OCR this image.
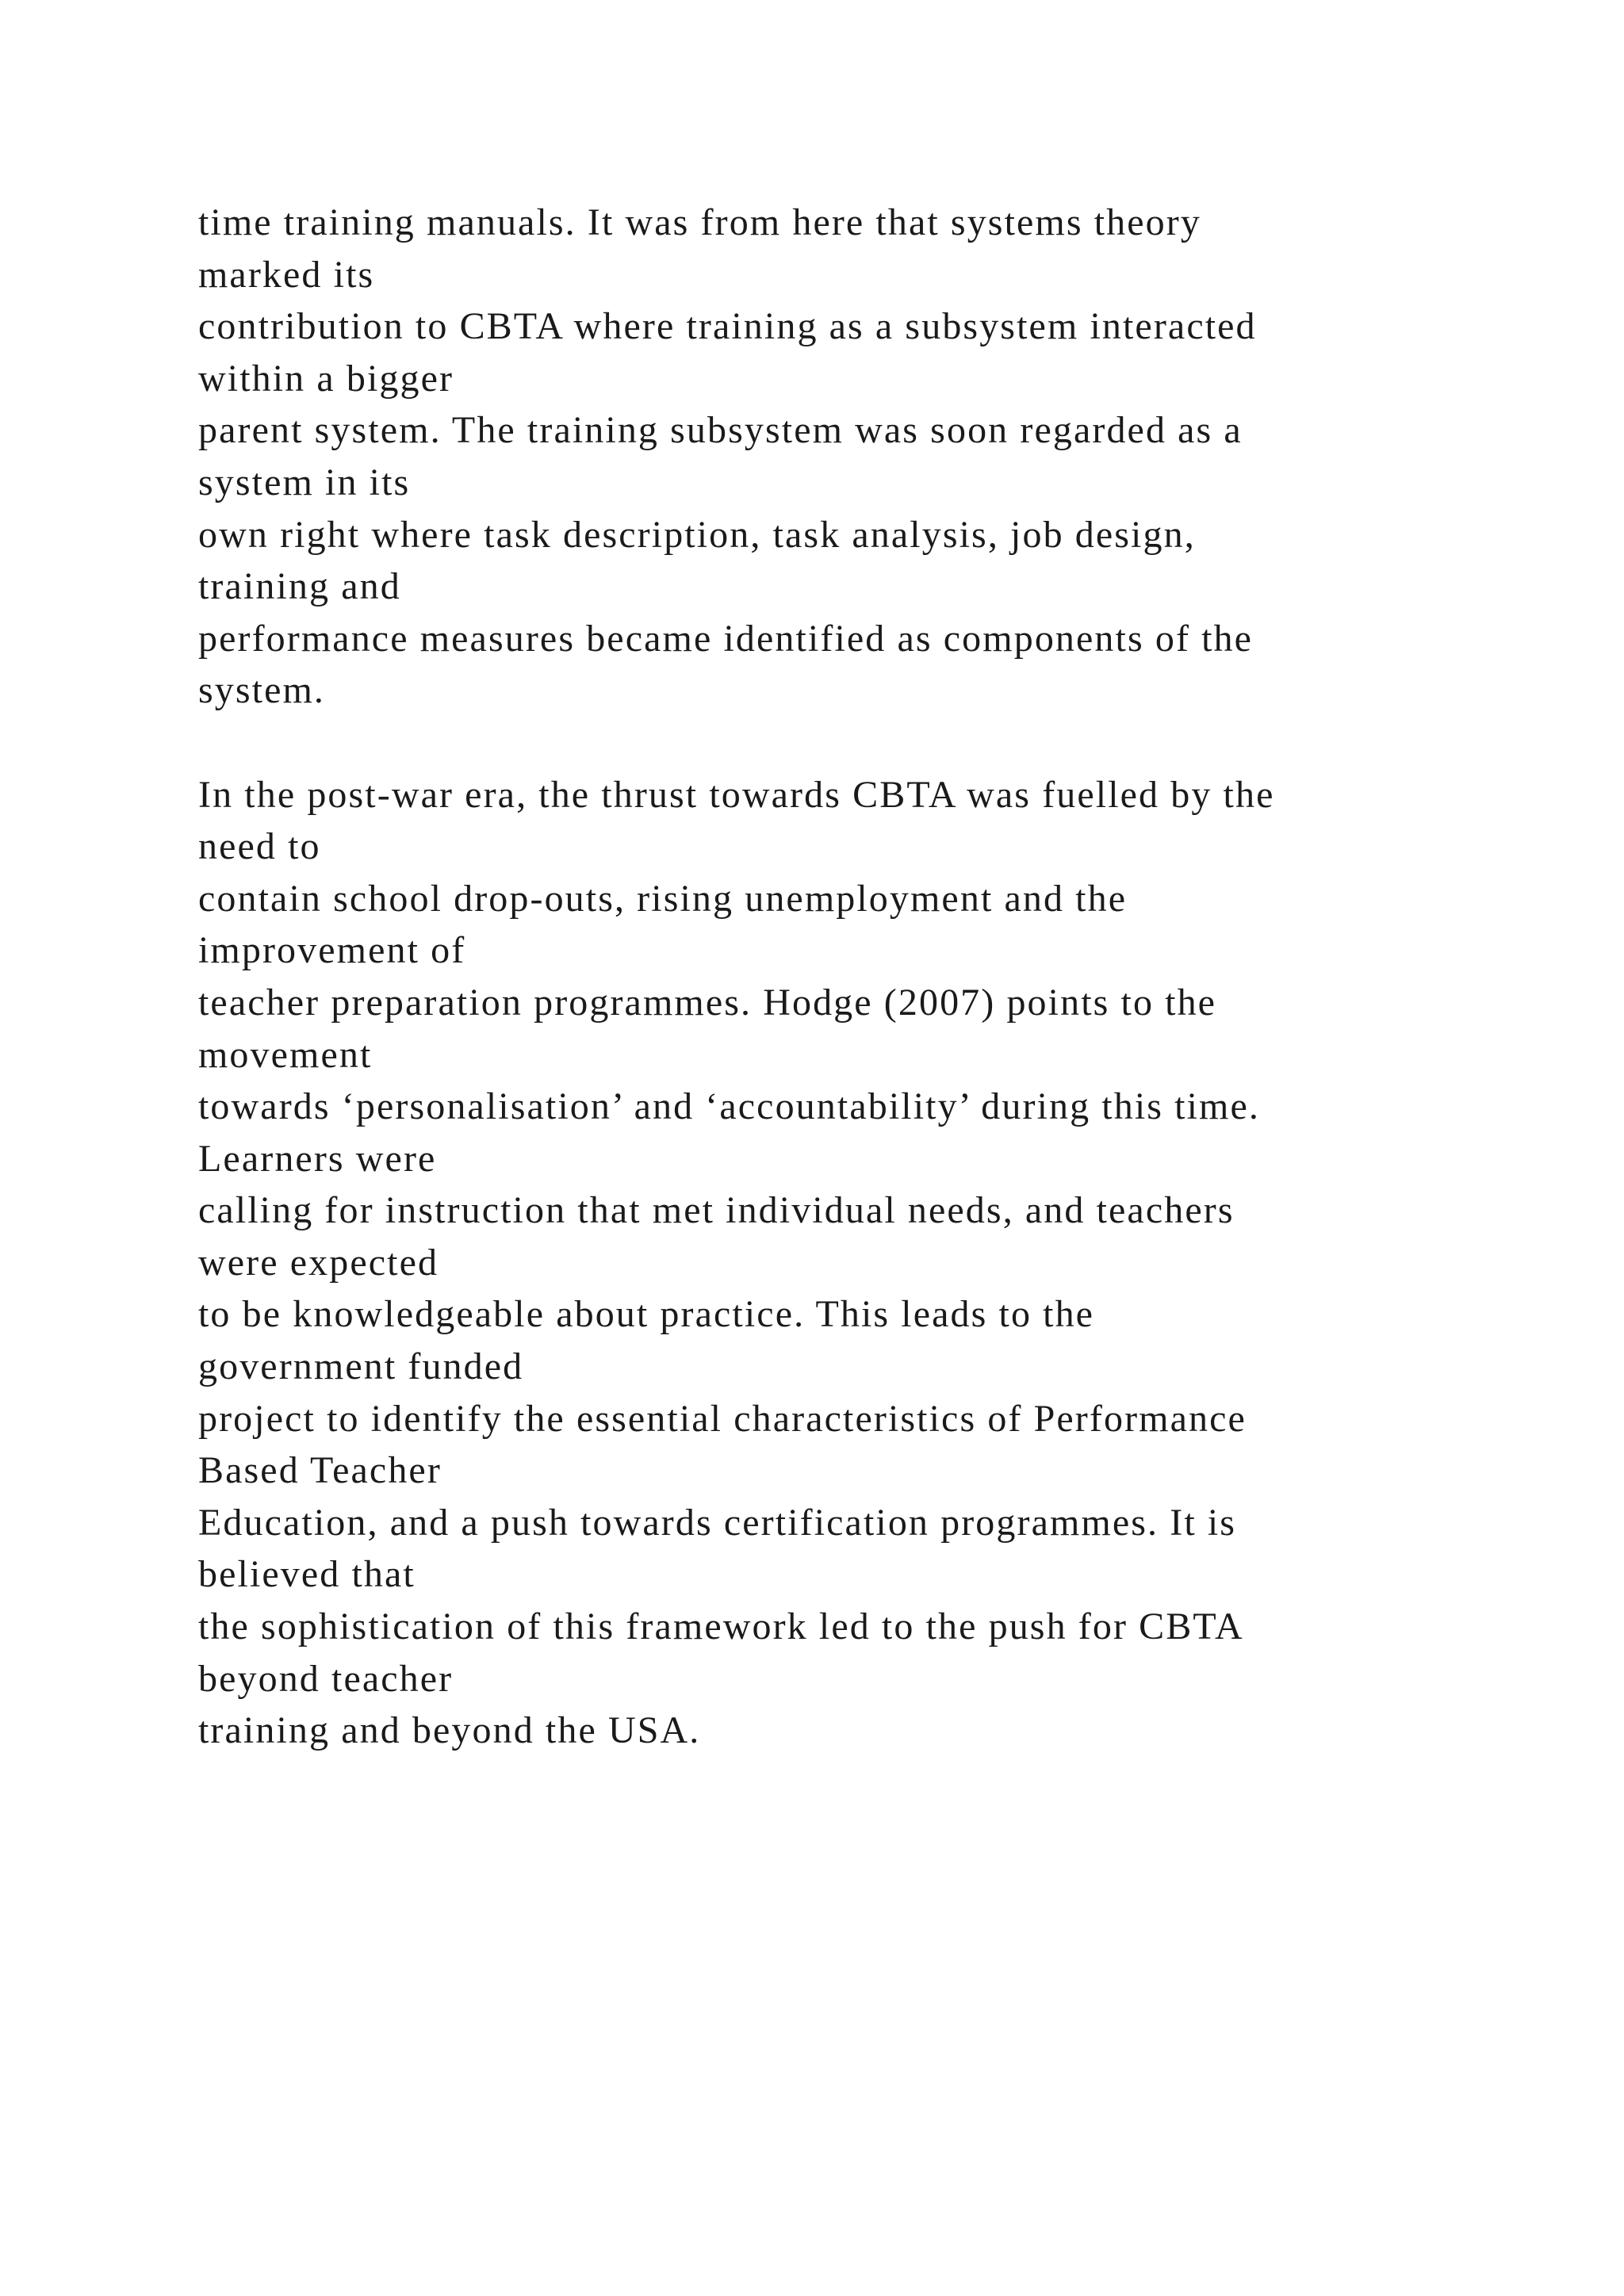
time training manuals. It was from here that systems theory
marked its
contribution to CBTA where training as a subsystem interacted
within a bigger
parent system. The training subsystem was soon regarded as a
system in its
own right where task description, task analysis, job design,
training and
performance measures became identified as components of the
system.
In the post-war era, the thrust towards CBTA was fuelled by the
need to
contain school drop-outs, rising unemployment and the
improvement of
teacher preparation programmes. Hodge (2007) points to the
movement
towards ‘personalisation’ and ‘accountability’ during this time.
Learners were
calling for instruction that met individual needs, and teachers
were expected
to be knowledgeable about practice. This leads to the
government funded
project to identify the essential characteristics of Performance
Based Teacher
Education, and a push towards certification programmes. It is
believed that
the sophistication of this framework led to the push for CBTA
beyond teacher
training and beyond the USA.
